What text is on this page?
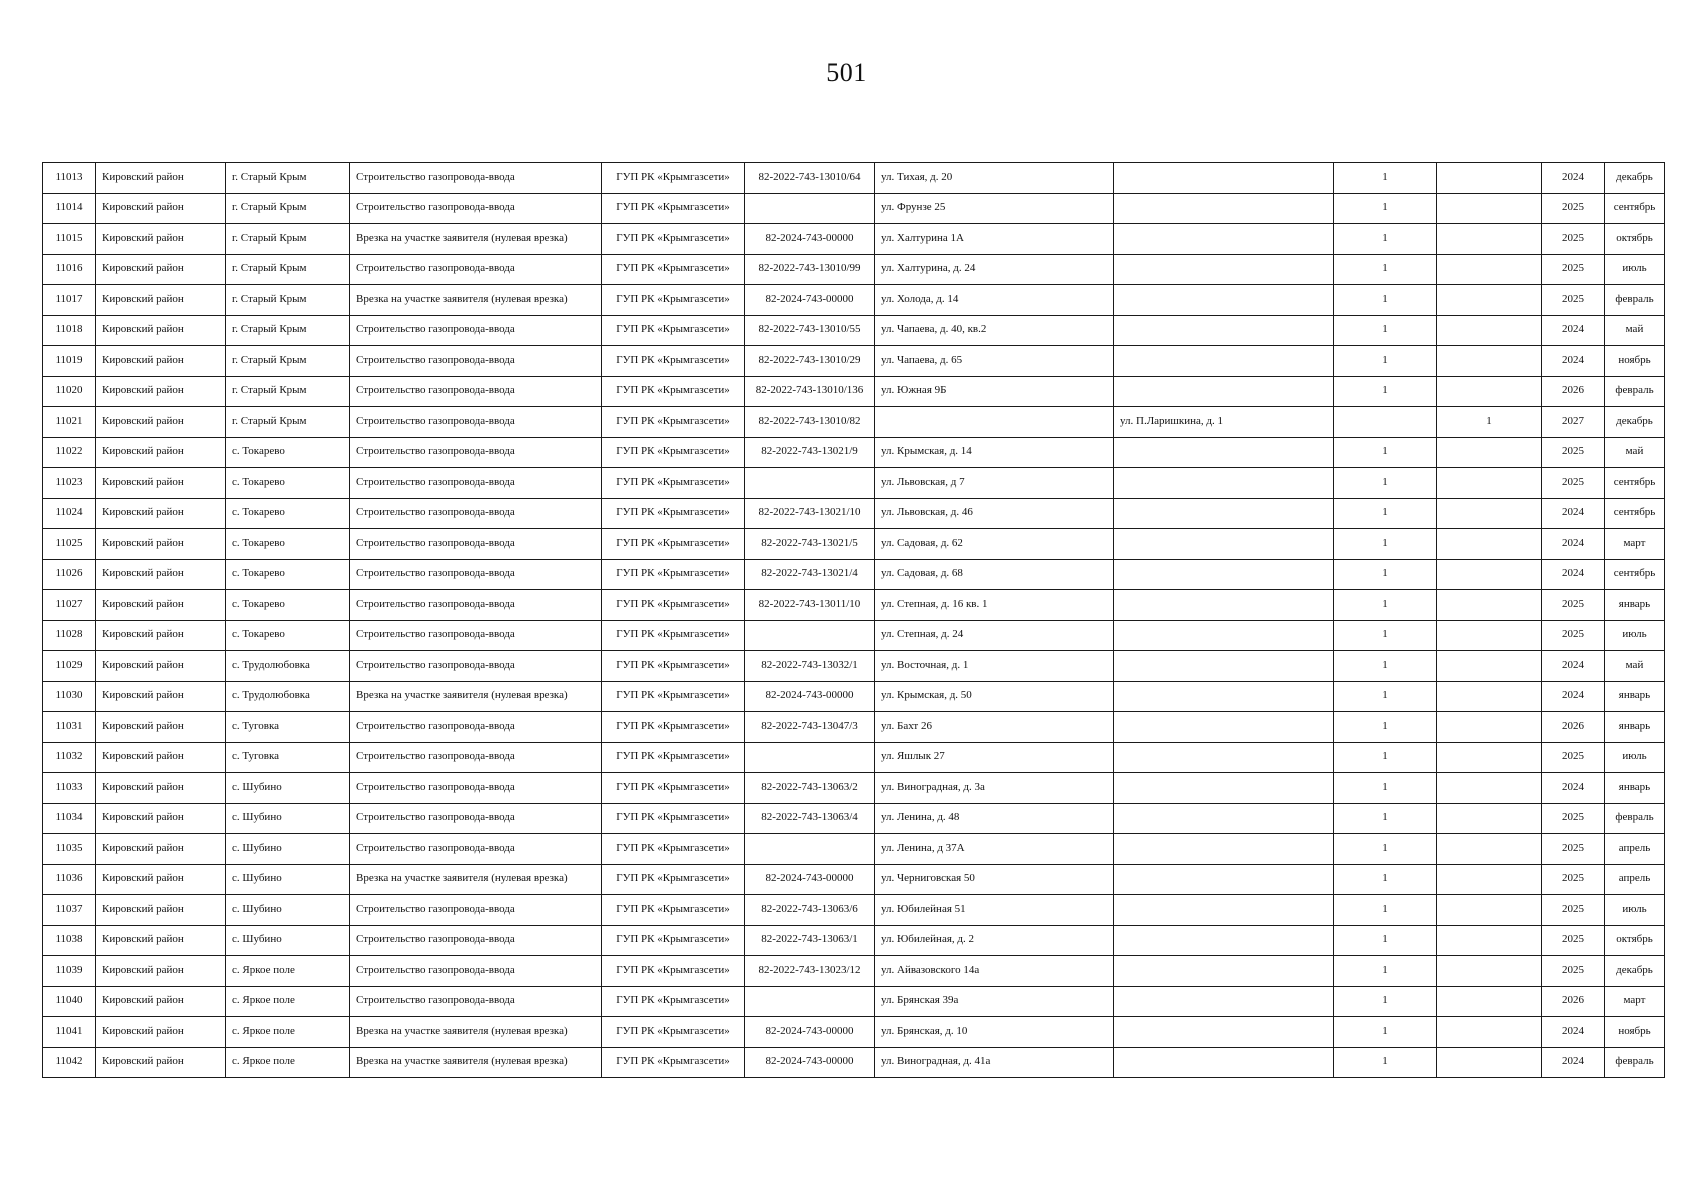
501
11013	Кировский район	г. Старый Крым	Строительство газопровода-ввода	ГУП РК «Крымгазсети»	82-2022-743-13010/64	ул. Тихая, д. 20		1		2024	декабрь
11014	Кировский район	г. Старый Крым	Строительство газопровода-ввода	ГУП РК «Крымгазсети»		ул. Фрунзе 25		1		2025	сентябрь
11015	Кировский район	г. Старый Крым	Врезка на участке заявителя (нулевая врезка)	ГУП РК «Крымгазсети»	82-2024-743-00000	ул. Халтурина 1А		1		2025	октябрь
11016	Кировский район	г. Старый Крым	Строительство газопровода-ввода	ГУП РК «Крымгазсети»	82-2022-743-13010/99	ул. Халтурина, д. 24		1		2025	июль
11017	Кировский район	г. Старый Крым	Врезка на участке заявителя (нулевая врезка)	ГУП РК «Крымгазсети»	82-2024-743-00000	ул. Холода, д. 14		1		2025	февраль
11018	Кировский район	г. Старый Крым	Строительство газопровода-ввода	ГУП РК «Крымгазсети»	82-2022-743-13010/55	ул. Чапаева, д. 40, кв.2		1		2024	май
11019	Кировский район	г. Старый Крым	Строительство газопровода-ввода	ГУП РК «Крымгазсети»	82-2022-743-13010/29	ул. Чапаева, д. 65		1		2024	ноябрь
11020	Кировский район	г. Старый Крым	Строительство газопровода-ввода	ГУП РК «Крымгазсети»	82-2022-743-13010/136	ул. Южная 9Б		1		2026	февраль
11021	Кировский район	г. Старый Крым	Строительство газопровода-ввода	ГУП РК «Крымгазсети»	82-2022-743-13010/82		ул. П.Ларишкина, д. 1		1	2027	декабрь
11022	Кировский район	с. Токарево	Строительство газопровода-ввода	ГУП РК «Крымгазсети»	82-2022-743-13021/9	ул. Крымская, д. 14		1		2025	май
11023	Кировский район	с. Токарево	Строительство газопровода-ввода	ГУП РК «Крымгазсети»		ул. Львовская, д 7		1		2025	сентябрь
11024	Кировский район	с. Токарево	Строительство газопровода-ввода	ГУП РК «Крымгазсети»	82-2022-743-13021/10	ул. Львовская, д. 46		1		2024	сентябрь
11025	Кировский район	с. Токарево	Строительство газопровода-ввода	ГУП РК «Крымгазсети»	82-2022-743-13021/5	ул. Садовая, д. 62		1		2024	март
11026	Кировский район	с. Токарево	Строительство газопровода-ввода	ГУП РК «Крымгазсети»	82-2022-743-13021/4	ул. Садовая, д. 68		1		2024	сентябрь
11027	Кировский район	с. Токарево	Строительство газопровода-ввода	ГУП РК «Крымгазсети»	82-2022-743-13011/10	ул. Степная, д. 16 кв. 1		1		2025	январь
11028	Кировский район	с. Токарево	Строительство газопровода-ввода	ГУП РК «Крымгазсети»		ул. Степная, д. 24		1		2025	июль
11029	Кировский район	с. Трудолюбовка	Строительство газопровода-ввода	ГУП РК «Крымгазсети»	82-2022-743-13032/1	ул. Восточная, д. 1		1		2024	май
11030	Кировский район	с. Трудолюбовка	Врезка на участке заявителя (нулевая врезка)	ГУП РК «Крымгазсети»	82-2024-743-00000	ул. Крымская, д. 50		1		2024	январь
11031	Кировский район	с. Туговка	Строительство газопровода-ввода	ГУП РК «Крымгазсети»	82-2022-743-13047/3	ул. Бахт 26		1		2026	январь
11032	Кировский район	с. Туговка	Строительство газопровода-ввода	ГУП РК «Крымгазсети»		ул. Яшлык 27		1		2025	июль
11033	Кировский район	с. Шубино	Строительство газопровода-ввода	ГУП РК «Крымгазсети»	82-2022-743-13063/2	ул. Виноградная, д. 3а		1		2024	январь
11034	Кировский район	с. Шубино	Строительство газопровода-ввода	ГУП РК «Крымгазсети»	82-2022-743-13063/4	ул. Ленина, д. 48		1		2025	февраль
11035	Кировский район	с. Шубино	Строительство газопровода-ввода	ГУП РК «Крымгазсети»		ул. Ленина, д 37А		1		2025	апрель
11036	Кировский район	с. Шубино	Врезка на участке заявителя (нулевая врезка)	ГУП РК «Крымгазсети»	82-2024-743-00000	ул. Черниговская 50		1		2025	апрель
11037	Кировский район	с. Шубино	Строительство газопровода-ввода	ГУП РК «Крымгазсети»	82-2022-743-13063/6	ул. Юбилейная 51		1		2025	июль
11038	Кировский район	с. Шубино	Строительство газопровода-ввода	ГУП РК «Крымгазсети»	82-2022-743-13063/1	ул. Юбилейная, д. 2		1		2025	октябрь
11039	Кировский район	с. Яркое поле	Строительство газопровода-ввода	ГУП РК «Крымгазсети»	82-2022-743-13023/12	ул. Айвазовского 14а		1		2025	декабрь
11040	Кировский район	с. Яркое поле	Строительство газопровода-ввода	ГУП РК «Крымгазсети»		ул. Брянская 39а		1		2026	март
11041	Кировский район	с. Яркое поле	Врезка на участке заявителя (нулевая врезка)	ГУП РК «Крымгазсети»	82-2024-743-00000	ул. Брянская, д. 10		1		2024	ноябрь
11042	Кировский район	с. Яркое поле	Врезка на участке заявителя (нулевая врезка)	ГУП РК «Крымгазсети»	82-2024-743-00000	ул. Виноградная, д. 41а		1		2024	февраль
